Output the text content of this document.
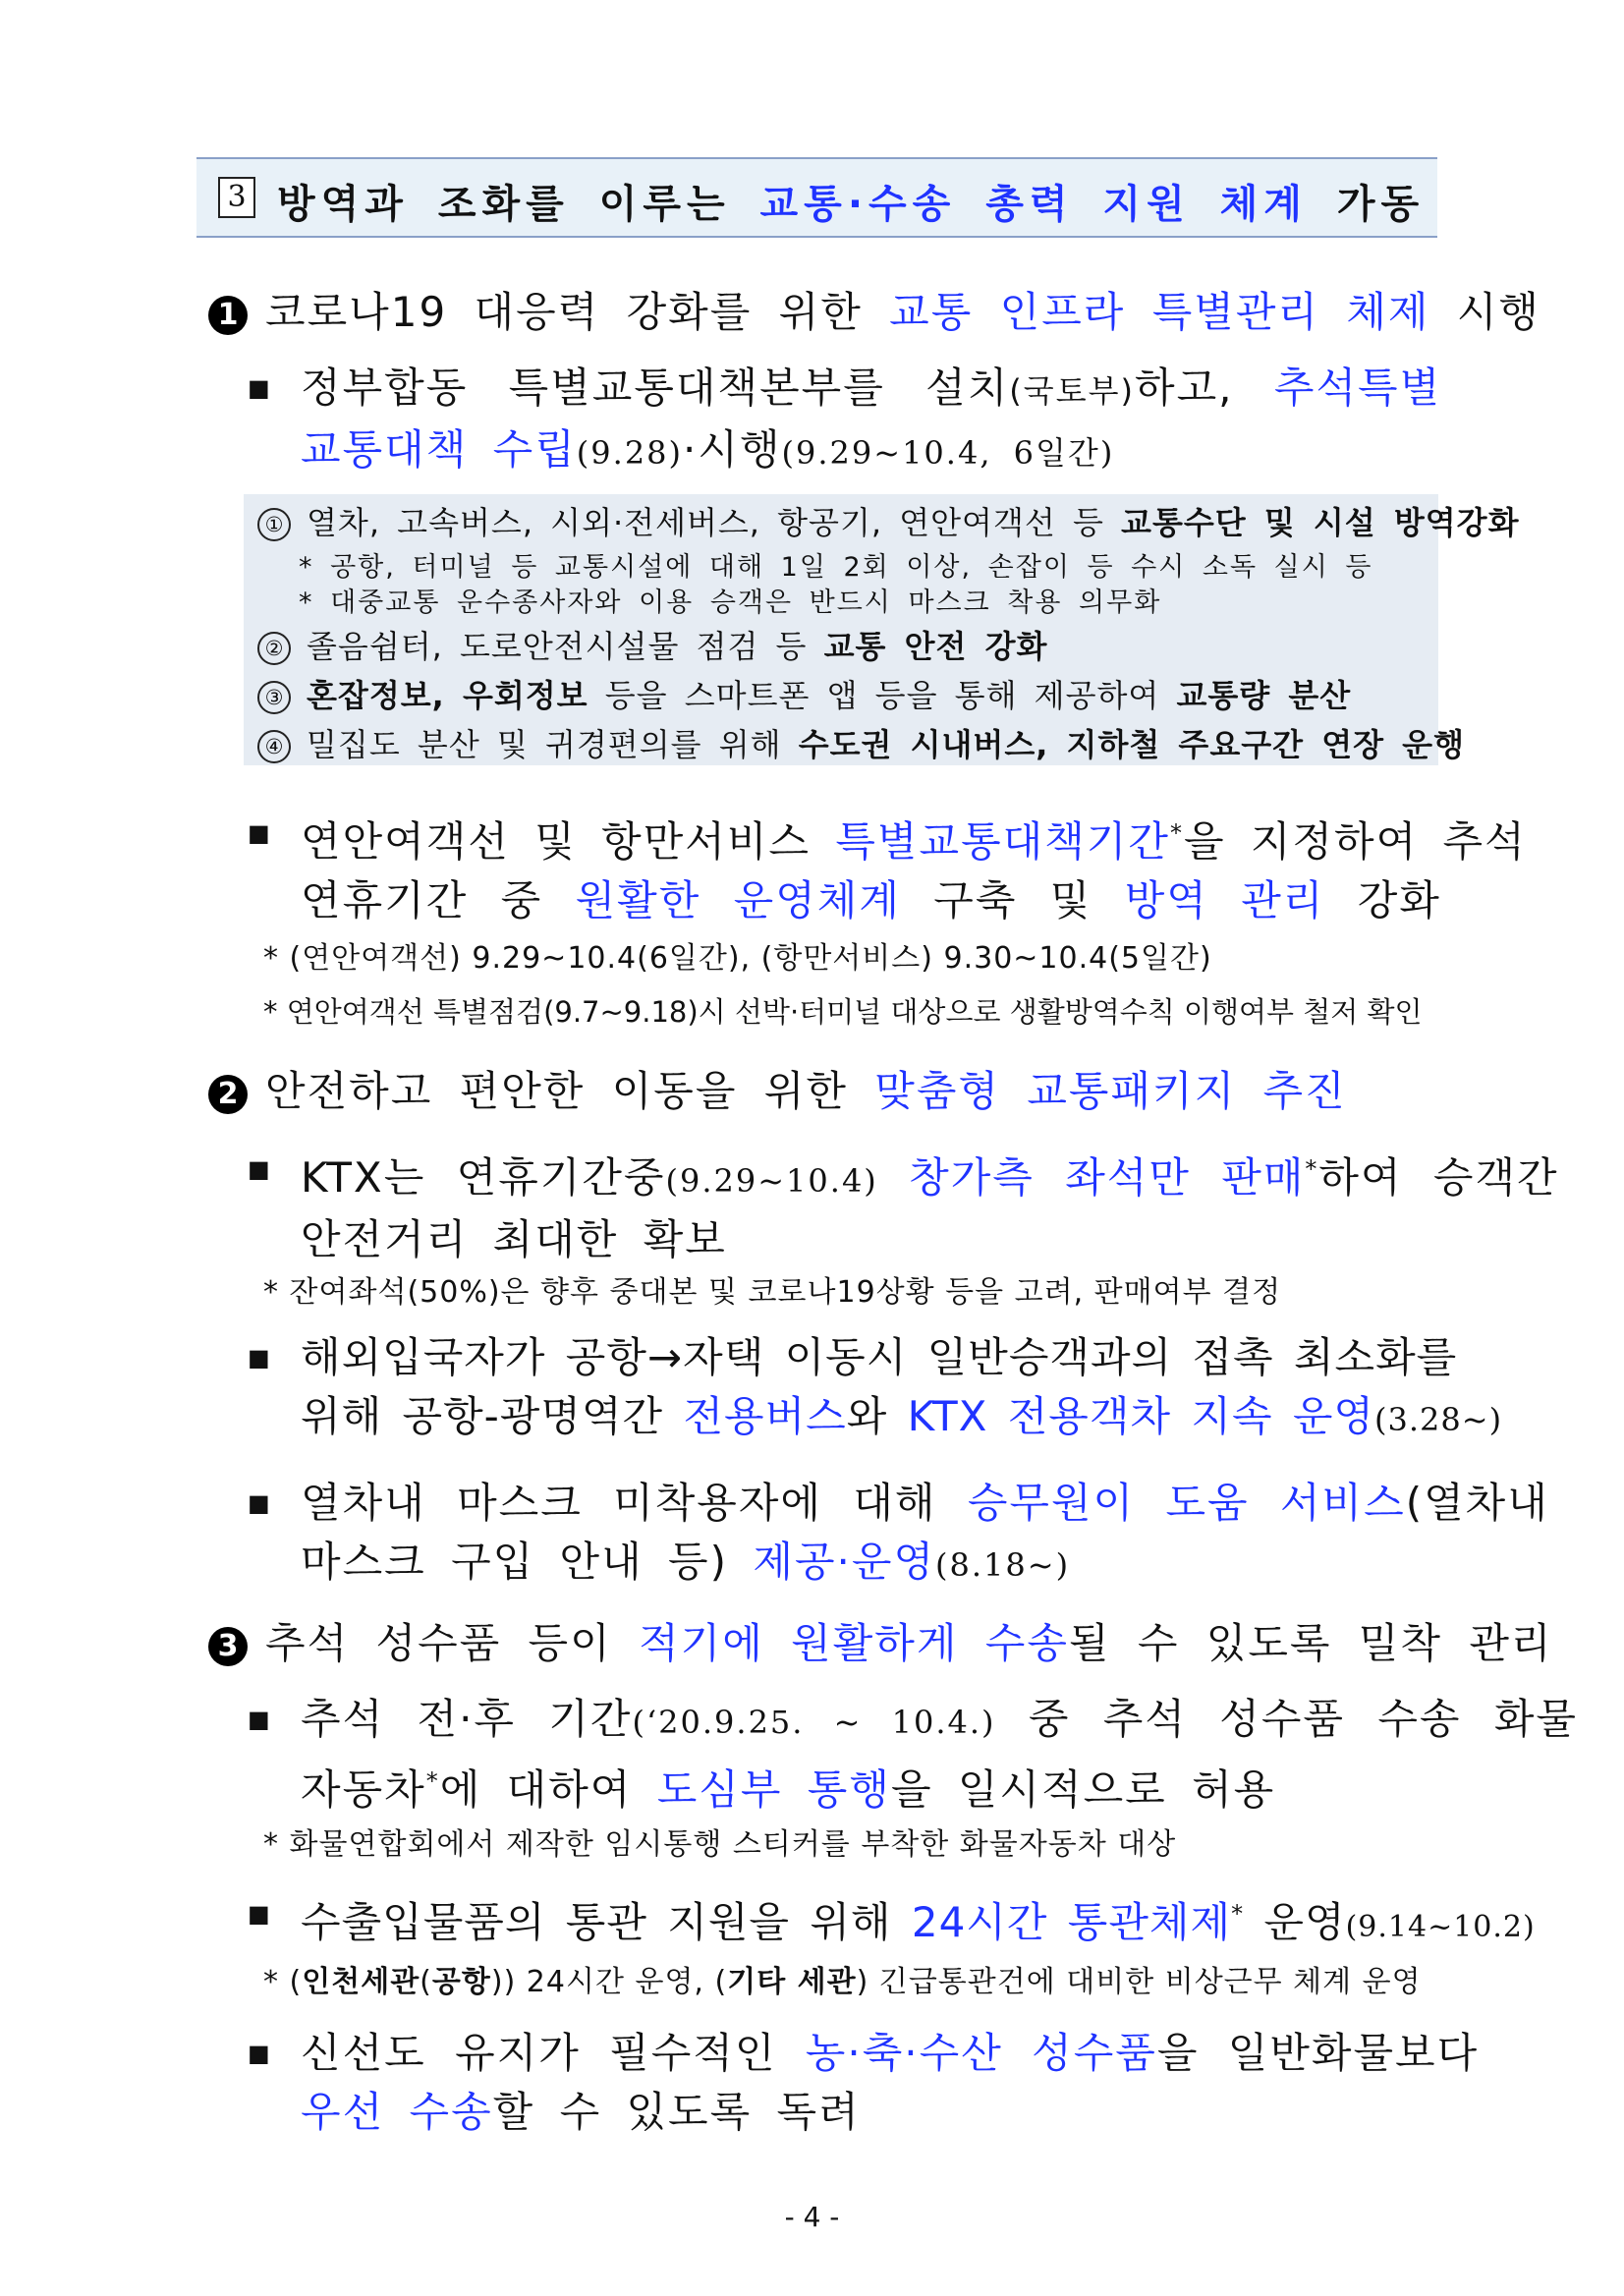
3 방역과 조화를 이루는 교통·수송 총력 지원 체계 가동
1 코로나19 대응력 강화를 위한 교통 인프라 특별관리 체제 시행
■ 정부합동 특별교통대책본부를 설치(국토부)하고, 추석특별
교통대책 수립(9.28)·시행(9.29~10.4, 6일간)
① 열차, 고속버스, 시외·전세버스, 항공기, 연안여객선 등 교통수단 및 시설 방역강화
* 공항, 터미널 등 교통시설에 대해 1일 2회 이상, 손잡이 등 수시 소독 실시 등
* 대중교통 운수종사자와 이용 승객은 반드시 마스크 착용 의무화
② 졸음쉼터, 도로안전시설물 점검 등 교통 안전 강화
③ 혼잡정보, 우회정보 등을 스마트폰 앱 등을 통해 제공하여 교통량 분산
④ 밀집도 분산 및 귀경편의를 위해 수도권 시내버스, 지하철 주요구간 연장 운행
■ 연안여객선 및 항만서비스 특별교통대책기간*을 지정하여 추석
연휴기간 중 원활한 운영체계 구축 및 방역 관리 강화
* (연안여객선) 9.29~10.4(6일간), (항만서비스) 9.30~10.4(5일간)
* 연안여객선 특별점검(9.7~9.18)시 선박·터미널 대상으로 생활방역수칙 이행여부 철저 확인
2 안전하고 편안한 이동을 위한 맞춤형 교통패키지 추진
■ KTX는 연휴기간중(9.29~10.4) 창가측 좌석만 판매*하여 승객간
안전거리 최대한 확보
* 잔여좌석(50%)은 향후 중대본 및 코로나19상황 등을 고려, 판매여부 결정
■ 해외입국자가 공항→자택 이동시 일반승객과의 접촉 최소화를
위해 공항-광명역간 전용버스와 KTX 전용객차 지속 운영(3.28~)
■ 열차내 마스크 미착용자에 대해 승무원이 도움 서비스(열차내
마스크 구입 안내 등) 제공·운영(8.18~)
3 추석 성수품 등이 적기에 원활하게 수송될 수 있도록 밀착 관리
■ 추석 전·후 기간(‘20.9.25. ~ 10.4.) 중 추석 성수품 수송 화물
자동차*에 대하여 도심부 통행을 일시적으로 허용
* 화물연합회에서 제작한 임시통행 스티커를 부착한 화물자동차 대상
■ 수출입물품의 통관 지원을 위해 24시간 통관체제* 운영(9.14~10.2)
* (인천세관(공항)) 24시간 운영, (기타 세관) 긴급통관건에 대비한 비상근무 체계 운영
■ 신선도 유지가 필수적인 농·축·수산 성수품을 일반화물보다
우선 수송할 수 있도록 독려
- 4 -
